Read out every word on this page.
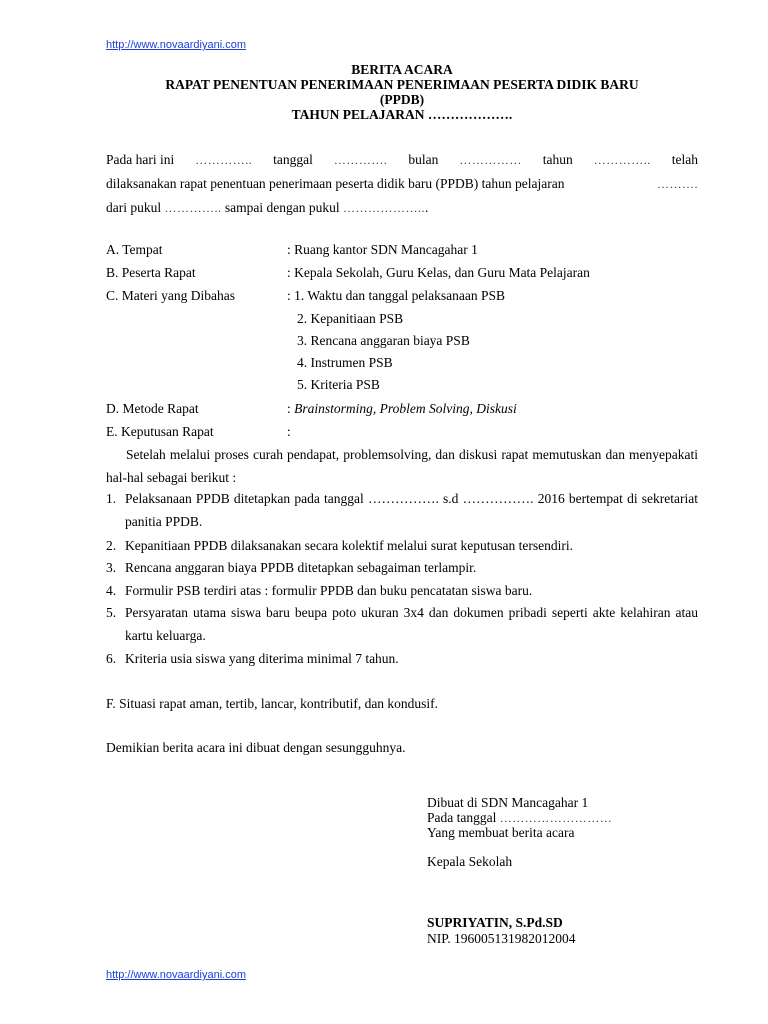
http://www.novaardiyani.com
BERITA ACARA
RAPAT PENENTUAN PENERIMAAN PENERIMAAN PESERTA DIDIK BARU
(PPDB)
TAHUN PELAJARAN ……………….
Pada hari ini ………….. tanggal …………. bulan …………… tahun ………….. telah
dilaksanakan rapat penentuan penerimaan peserta didik baru (PPDB) tahun pelajaran	……….
dari pukul ………….. sampai dengan pukul ………………...
A. Tempat	: Ruang kantor SDN Mancagahar 1
B. Peserta Rapat	: Kepala Sekolah, Guru Kelas, dan Guru Mata Pelajaran
C. Materi yang Dibahas	: 1. Waktu dan tanggal pelaksanaan PSB
2. Kepanitiaan PSB
3. Rencana anggaran biaya PSB
4. Instrumen PSB
5. Kriteria PSB
D. Metode Rapat	: Brainstorming, Problem Solving, Diskusi
E. Keputusan Rapat	:
Setelah melalui proses curah pendapat, problemsolving, dan diskusi rapat memutuskan dan menyepakati hal-hal sebagai berikut :
1. Pelaksanaan PPDB ditetapkan pada tanggal ……………. s.d ……………. 2016 bertempat di sekretariat panitia PPDB.
2. Kepanitiaan PPDB dilaksanakan secara kolektif melalui surat keputusan tersendiri.
3. Rencana anggaran biaya PPDB ditetapkan sebagaiman terlampir.
4. Formulir PSB terdiri atas : formulir PPDB dan buku pencatatan siswa baru.
5. Persyaratan utama siswa baru beupa poto ukuran 3x4 dan dokumen pribadi seperti akte kelahiran atau kartu keluarga.
6. Kriteria usia siswa yang diterima minimal 7 tahun.
F. Situasi rapat aman, tertib, lancar, kontributif, dan kondusif.
Demikian berita acara ini dibuat dengan sesungguhnya.
Dibuat di SDN Mancagahar 1
Pada tanggal ………………………
Yang membuat berita acara
Kepala Sekolah
SUPRIYATIN, S.Pd.SD
NIP. 196005131982012004
http://www.novaardiyani.com
